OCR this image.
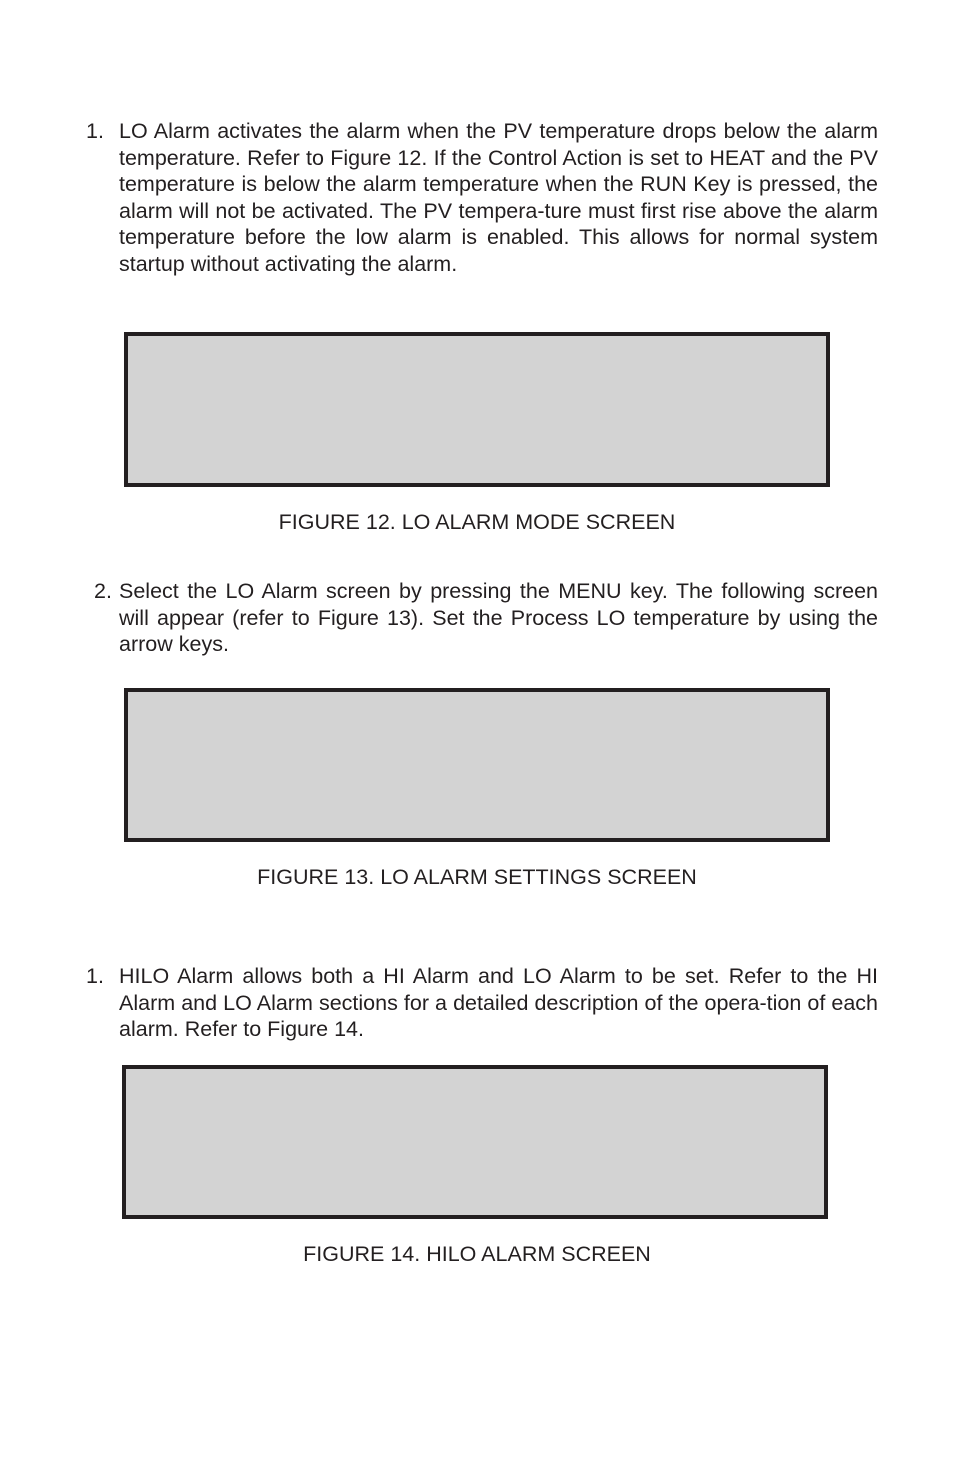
1. LO Alarm activates the alarm when the PV temperature drops below the alarm temperature. Refer to Figure 12. If the Control Action is set to HEAT and the PV temperature is below the alarm temperature when the RUN Key is pressed, the alarm will not be activated. The PV tempera-ture must first rise above the alarm temperature before the low alarm is enabled. This allows for normal system startup without activating the alarm.
FIGURE 12. LO ALARM MODE SCREEN
2. Select the LO Alarm screen by pressing the MENU key. The following screen will appear (refer to Figure 13). Set the Process LO temperature by using the arrow keys.
FIGURE 13. LO ALARM SETTINGS SCREEN
1. HILO Alarm allows both a HI Alarm and LO Alarm to be set. Refer to the HI Alarm and LO Alarm sections for a detailed description of the opera-tion of each alarm. Refer to Figure 14.
FIGURE 14. HILO ALARM SCREEN
